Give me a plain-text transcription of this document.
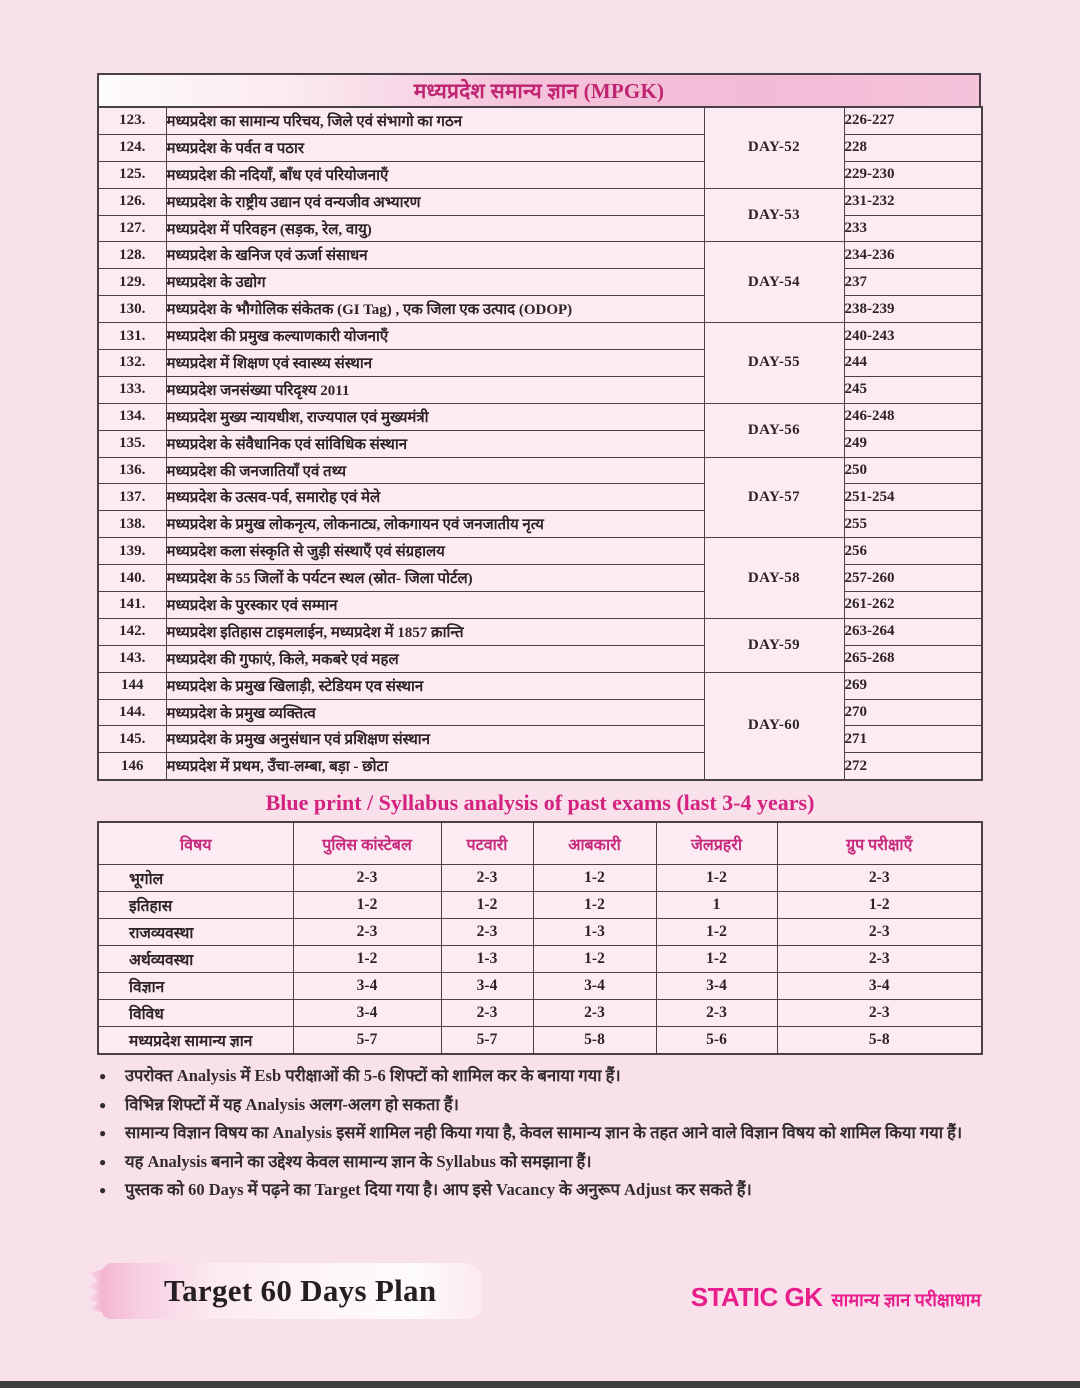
मध्यप्रदेश समान्य ज्ञान (MPGK)
123.	मध्यप्रदेश का सामान्य परिचय, जिले एवं संभागो का गठन	DAY-52	226-227
124.	मध्यप्रदेश के पर्वत व पठार		228
125.	मध्यप्रदेश की नदियाँ, बाँध एवं परियोजनाएँ		229-230
126.	मध्यप्रदेश के राष्ट्रीय उद्यान एवं वन्यजीव अभ्यारण	DAY-53	231-232
127.	मध्यप्रदेश में परिवहन (सड़क, रेल, वायु)		233
128.	मध्यप्रदेश के खनिज एवं ऊर्जा संसाधन	DAY-54	234-236
129.	मध्यप्रदेश के उद्योग		237
130.	मध्यप्रदेश के भौगोलिक संकेतक (GI Tag) , एक जिला एक उत्पाद (ODOP)		238-239
131.	मध्यप्रदेश की प्रमुख कल्याणकारी योजनाएँ	DAY-55	240-243
132.	मध्यप्रदेश में शिक्षण एवं स्वास्थ्य संस्थान		244
133.	मध्यप्रदेश जनसंख्या परिदृश्य 2011		245
134.	मध्यप्रदेश मुख्य न्यायधीश, राज्यपाल एवं मुख्यमंत्री	DAY-56	246-248
135.	मध्यप्रदेश के संवैधानिक एवं सांविधिक संस्थान		249
136.	मध्यप्रदेश की जनजातियाँ एवं तथ्य	DAY-57	250
137.	मध्यप्रदेश के उत्सव-पर्व, समारोह एवं मेले		251-254
138.	मध्यप्रदेश के प्रमुख लोकनृत्य, लोकनाट्य, लोकगायन एवं जनजातीय नृत्य		255
139.	मध्यप्रदेश कला संस्कृति से जुड़ी संस्थाएँ एवं संग्रहालय	DAY-58	256
140.	मध्यप्रदेश के 55 जिलों के पर्यटन स्थल (स्रोत- जिला पोर्टल)		257-260
141.	मध्यप्रदेश के पुरस्कार एवं सम्मान		261-262
142.	मध्यप्रदेश इतिहास टाइमलाईन, मध्यप्रदेश में 1857 क्रान्ति	DAY-59	263-264
143.	मध्यप्रदेश की गुफाएं, किले, मकबरे एवं महल		265-268
144	मध्यप्रदेश के प्रमुख खिलाड़ी, स्टेडियम एव संस्थान	DAY-60	269
144.	मध्यप्रदेश के प्रमुख व्यक्तित्व		270
145.	मध्यप्रदेश के प्रमुख अनुसंधान एवं प्रशिक्षण संस्थान		271
146	मध्यप्रदेश में प्रथम, उँचा-लम्बा, बड़ा - छोटा		272
Blue print / Syllabus analysis of past exams (last 3-4 years)
विषय	पुलिस कांस्टेबल	पटवारी	आबकारी	जेलप्रहरी	ग्रुप परीक्षाएँ
भूगोल	2-3	2-3	1-2	1-2	2-3
इतिहास	1-2	1-2	1-2	1	1-2
राजव्यवस्था	2-3	2-3	1-3	1-2	2-3
अर्थव्यवस्था	1-2	1-3	1-2	1-2	2-3
विज्ञान	3-4	3-4	3-4	3-4	3-4
विविध	3-4	2-3	2-3	2-3	2-3
मध्यप्रदेश सामान्य ज्ञान	5-7	5-7	5-8	5-6	5-8
●	उपरोक्त Analysis में Esb परीक्षाओं की 5-6 शिफ्टों को शामिल कर के बनाया गया हैं।
●	विभिन्न शिफ्टों में यह Analysis अलग-अलग हो सकता हैं।
●	सामान्य विज्ञान विषय का Analysis इसमें शामिल नही किया गया है, केवल सामान्य ज्ञान के तहत आने वाले विज्ञान विषय को शामिल किया गया हैं।
●	यह Analysis बनाने का उद्देश्य केवल सामान्य ज्ञान के Syllabus को समझाना हैं।
●	पुस्तक को 60 Days में पढ़ने का Target दिया गया है। आप इसे Vacancy के अनुरूप Adjust कर सकते हैं।
Target 60 Days Plan	STATIC GK सामान्य ज्ञान परीक्षाधाम
